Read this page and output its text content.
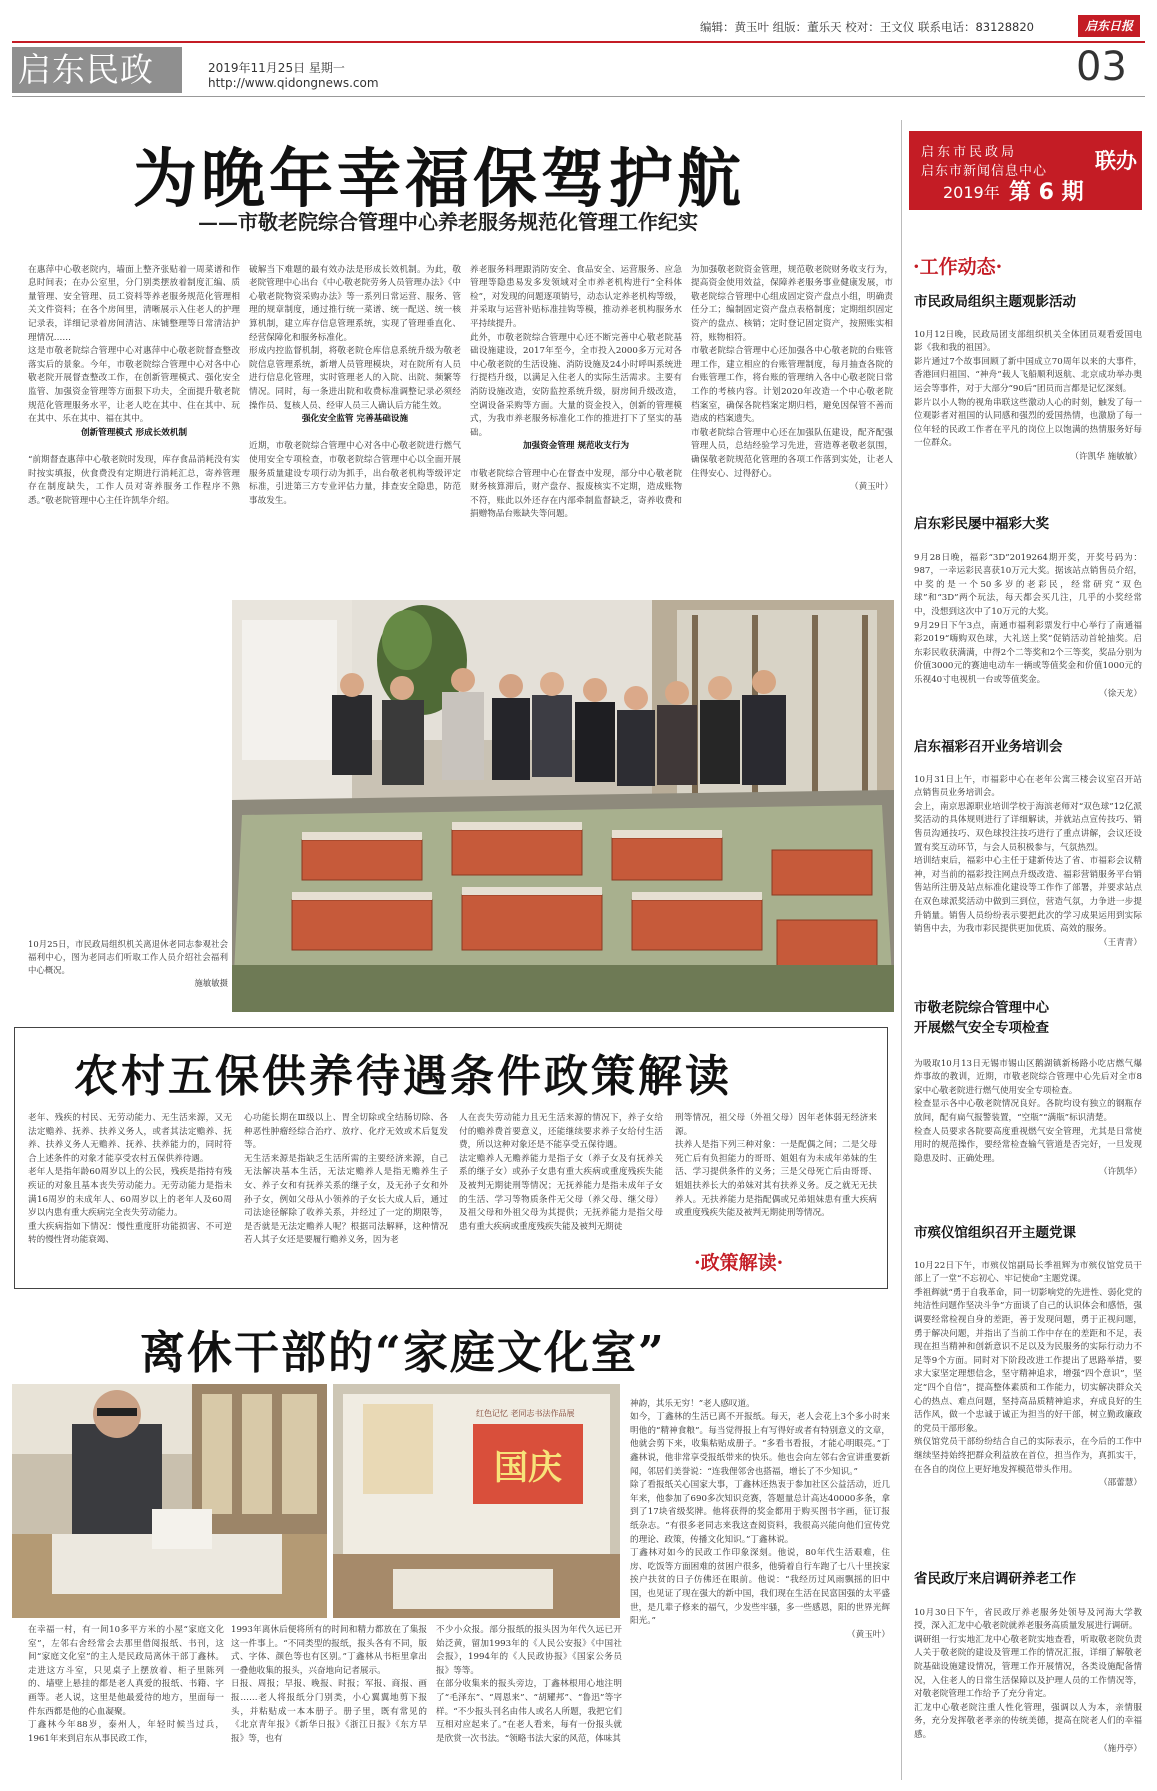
编辑：黄玉叶 组版：董乐天 校对：王文仪 联系电话：83128820	启东日报
启东民政	2019年11月25日 星期一
http://www.qidongnews.com	03
为晚年幸福保驾护航
——市敬老院综合管理中心养老服务规范化管理工作纪实

在惠萍中心敬老院内，墙面上整齐张贴着一周菜谱和作息时间表；在办公室里，分门别类摆放着制度汇编、质量管理、安全管理、员工资料等养老服务规范化管理相关文件资料；在各个房间里，清晰展示入住老人的护理记录表，详细记录着房间清洁、床铺整理等日常清洁护理情况……
这是市敬老院综合管理中心对惠萍中心敬老院督查整改落实后的景象。今年，市敬老院综合管理中心对各中心敬老院开展督查整改工作，在创新管理模式、强化安全监管、加强资金管理等方面狠下功夫，全面提升敬老院规范化管理服务水平，让老人吃在其中、住在其中、玩在其中、乐在其中、福在其中。

创新管理模式 形成长效机制

“前期督查惠萍中心敬老院时发现，库存食品消耗没有实时按实填报，伙食费没有定期进行消耗汇总，寄养管理存在制度缺失，工作人员对寄养服务工作程序不熟悉。”敬老院管理中心主任许凯华介绍。

破解当下难题的最有效办法是形成长效机制。为此，敬老院管理中心出台《中心敬老院劳务人员管理办法》《中心敬老院物资采购办法》等一系列日常运营、服务、管理的规章制度，通过推行统一菜谱、统一配送、统一核算机制，建立库存信息管理系统，实现了管理垂直化、经营保障化和服务标准化。
形成内控监督机制，将敬老院仓库信息系统升级为敬老院信息管理系统，新增人员管理模块，对在院所有人员进行信息化管理，实时管理老人的入院、出院、频繁等情况。同时，每一条进出院和收费标准调整记录必须经操作员、复核人员、经审人员三人确认后方能生效。

强化安全监管 完善基础设施

近期，市敬老院综合管理中心对各中心敬老院进行燃气使用安全专项检查，市敬老院综合管理中心以全面开展服务质量建设专项行动为抓手，出台敬老机构等级评定标准，引进第三方专业评估力量，排查安全隐患，防范事故发生。

养老服务料理跟消防安全、食品安全、运营服务、应急管理等隐患易发多发领域对全市养老机构进行“全科体检”，对发现的问题逐项销号，动态认定养老机构等级，并采取与运营补贴标准挂钩等模，推动养老机构服务水平持续提升。
此外，市敬老院综合管理中心还不断完善中心敬老院基础设施建设，2017年至今，全市投入2000多万元对各中心敬老院的生活设施、消防设施及24小时呼叫系统进行提档升级，以满足入住老人的实际生活需求。主要有消防设施改造，安防监控系统升级，厨房间升级改造，空调设备采购等方面。大量的资金投入，创新的管理模式，为我市养老服务标准化工作的推进打下了坚实的基础。

加强资金管理 规范收支行为

市敬老院综合管理中心在督查中发现，部分中心敬老院财务核算滞后，财产盘存、报废核实不定期，造成账物不符，账此以外还存在内部牵制监督缺乏，寄养收费和捐赠物品台账缺失等问题。

为加强敬老院资金管理，规范敬老院财务收支行为，提高资金使用效益，保障养老服务事业健康发展，市敬老院综合管理中心组成固定资产盘点小组，明确责任分工；编制固定资产盘点表格制度；定期组织固定资产的盘点、核销；定时登记固定资产，按照账实相符，账物相符。
市敬老院综合管理中心还加强各中心敬老院的台账管理工作，建立相应的台账管理制度，每月抽查各院的台账管理工作，将台账的管理纳入各中心敬老院日常工作的考核内容。计划2020年改造一个中心敬老院档案室，确保各院档案定期归档，避免因保管不善而造成的档案遗失。
市敬老院综合管理中心还在加强队伍建设，配齐配强管理人员，总结经验学习先进，营造尊老敬老氛围，确保敬老院规范化管理的各项工作落到实处，让老人住得安心、过得舒心。

（黄玉叶）

10月25日，市民政局组织机关离退休老同志参观社会福利中心，图为老同志们听取工作人员介绍社会福利中心概况。

施敏敏摄

启东市民政局
启东市新闻信息中心 联办
2019年 第 6 期
·工作动态·
市民政局组织主题观影活动

10月12日晚，民政局团支部组织机关全体团员观看爱国电影《我和我的祖国》。
影片通过7个故事回顾了新中国成立70周年以来的大事件，香港回归祖国、“神舟”载人飞船顺利返航、北京成功举办奥运会等事件，对于大部分“90后”团员而言都是记忆深刻。
影片以小人物的视角串联这些激动人心的时刻，触发了每一位观影者对祖国的认同感和强烈的爱国热情，也激励了每一位年轻的民政工作者在平凡的岗位上以饱满的热情服务好每一位群众。

（许凯华 施敏敏）

启东彩民屡中福彩大奖

9月28日晚，福彩“3D”2019264期开奖，开奖号码为：987，一幸运彩民喜获10万元大奖。据该站点销售员介绍，中奖的是一个50多岁的老彩民，经常研究“双色球”和“3D”两个玩法，每天都会买几注，几乎的小奖经常中，没想到这次中了10万元的大奖。
9月29日下午3点，南通市福利彩票发行中心举行了南通福彩2019“嗨购双色球，大礼送上奖”促销活动首轮抽奖。启东彩民收获满满，中得2个二等奖和2个三等奖，奖品分别为价值3000元的赛迪电动车一辆或等值奖金和价值1000元的乐视40寸电视机一台或等值奖金。

（徐天龙）

启东福彩召开业务培训会

10月31日上午，市福彩中心在老年公寓三楼会议室召开站点销售员业务培训会。
会上，南京思源职业培训学校于海滨老师对“双色球”12亿派奖活动的具体规则进行了详细解读，并就站点宣传技巧、销售员沟通技巧、双色球投注技巧进行了重点讲解，会议还设置有奖互动环节，与会人员积极参与，气氛热烈。
培训结束后，福彩中心主任于建新传达了省、市福彩会议精神，对当前的福彩投注网点升级改造、福彩营销服务平台销售站所注册及站点标准化建设等工作作了部署，并要求站点在双色球派奖活动中做到三到位，营造气氛，力争进一步提升销量。销售人员纷纷表示要把此次的学习成果运用到实际销售中去，为我市彩民提供更加优质、高效的服务。

（王青青）

市敬老院综合管理中心
开展燃气安全专项检查

为吸取10月13日无锡市锡山区鹅湖镇新杨路小吃店燃气爆炸事故的教训，近期，市敬老院综合管理中心先后对全市8家中心敬老院进行燃气使用安全专项检查。
检查显示各中心敬老院情况良好。各院均设有独立的钢瓶存放间，配有扁气报警装置，“空瓶”“满瓶”标识清楚。
检查人员要求各院要高度重视燃气安全管理，尤其是日常使用时的规范操作，要经常检查输气管道是否完好，一旦发现隐患及时、正确处理。

（许凯华）

市殡仪馆组织召开主题党课

10月22日下午，市殡仪馆副局长季祖辉为市殡仪馆党员干部上了一堂“不忘初心、牢记使命”主题党课。
季祖辉就“勇于自我革命，同一切影响党的先进性、弱化党的纯洁性问题作坚决斗争”方面谈了自己的认识体会和感悟，强调要经常检视自身的差距，善于发现问题，勇于正视问题，勇于解决问题，并指出了当前工作中存在的差距和不足，表现在担当精神和创新意识不足以及为民服务的实际行动力不足等9个方面。同时对下阶段改进工作提出了思路举措，要求大家坚定理想信念，坚守精神追求，增强“四个意识”，坚定“四个自信”，提高整体素质和工作能力，切实解决群众关心的热点、难点问题，坚持高品质精神追求，弃成良好的生活作风，做一个忠诚于诚正为担当的好干部，树立勤政廉政的党员干部形象。
殡仪馆党员干部纷纷结合自己的实际表示，在今后的工作中继续坚持始终把群众利益放在首位，担当作为，真抓实干，在各自的岗位上更好地发挥模范带头作用。

（邵蕾慧）

省民政厅来启调研养老工作

10月30日下午，省民政厅养老服务处领导及河海大学教授，深入汇龙中心敬老院就养老服务高质量发展进行调研。
调研组一行实地汇龙中心敬老院实地查看，听取敬老院负责人关于敬老院的建设及管理工作的情况汇报，详细了解敬老院基础设施建设情况，管理工作开展情况，各类设施配备情况，入住老人的日常生活保障以及护理人员的工作情况等，对敬老院管理工作给予了充分肯定。
汇龙中心敬老院注重人性化管理，强调以人为本，亲情服务，充分发挥敬老孝亲的传统美德，提高在院老人们的幸福感。

（施丹亭）

农村五保供养待遇条件政策解读
老年、残疾的村民、无劳动能力、无生活来源，又无法定赡养、抚养、扶养义务人，或者其法定赡养、抚养、扶养义务人无赡养、抚养、扶养能力的，同时符合上述条件的对象才能享受农村五保供养待遇。
老年人是指年龄60周岁以上的公民，残疾是指持有残疾证的对象且基本丧失劳动能力。无劳动能力是指未满16周岁的未成年人、60周岁以上的老年人及60周岁以内患有重大疾病完全丧失劳动能力。
重大疾病指如下情况：慢性重度肝功能损害、不可逆转的慢性肾功能衰竭、
心功能长期在Ⅲ级以上、胃全切除或全结肠切除、各种恶性肿瘤经综合治疗、放疗、化疗无效或术后复发等。
无生活来源是指缺乏生活所需的主要经济来源，自己无法解决基本生活，无法定赡养人是指无赡养生子女、养子女和有抚养关系的继子女，及无孙子女和外孙子女，例如父母从小领养的子女长大成人后，通过司法途径解除了收养关系，并经过了一定的期限等，是否就是无法定赡养人呢？根据司法解释，这种情况若人其子女还是要履行赡养义务，因为老
人在丧失劳动能力且无生活来源的情况下，养子女给付的赡养费首要意义，还能继续要求养子女给付生活费，所以这种对象还是不能享受五保待遇。
法定赡养人无赡养能力是指子女（养子女及有抚养关系的继子女）或孙子女患有重大疾病或重度残疾失能及被判无期徒刑等情况；无抚养能力是指未成年子女的生活、学习等物质条件无父母（养父母、继父母）及祖父母和外祖父母为其提供；无抚养能力是指父母患有重大疾病或重度残疾失能及被判无期徒
刑等情况，祖父母（外祖父母）因年老体弱无经济来源。
扶养人是指下列三种对象：一是配偶之间；二是父母死亡后有负担能力的哥哥、姐姐有为未成年弟妹的生活、学习提供条件的义务；三是父母死亡后由哥哥、姐姐扶养长大的弟妹对其有扶养义务。反之就无无扶养人。无扶养能力是指配偶或兄弟姐妹患有重大疾病或重度残疾失能及被判无期徒刑等情况。
·政策解读·
离休干部的“家庭文化室”
国庆
红色记忆 老同志书法作品展
在幸福一村，有一间10多平方米的小屋“家庭文化室”，左邻右舍经常会去那里借阅报纸、书刊，这间“家庭文化室”的主人是民政局离休干部丁鑫林。走进这方斗室，只见桌子上摆放着、柜子里陈列的、墙壁上悬挂的都是老人真爱的报纸、书籍、字画等。老人说，这里是他最爱待的地方，里面每一件东西都是他的心血凝聚。
丁鑫林今年88岁，泰州人，年轻时候当过兵，1961年来到启东从事民政工作，
1993年离休后便将所有的时间和精力都放在了集报这一件事上。“不同类型的报纸，报头各有不同，版式、字体、颜色等也有区别。”丁鑫林从书柜里拿出一叠他收集的报头，兴奋地向记者展示。
日报、周报；早报、晚报、时报；军报、商报、画报……老人将报纸分门别类，小心翼翼地剪下报头，并粘贴成一本本册子。册子里，既有常见的《北京青年报》《新华日报》《浙江日报》《东方早报》等，也有
不少小众报。部分报纸的报头因为年代久远已开始泛黄，留加1993年的《人民公安报》《中国社会报》，1994年的《人民政协报》《国家公务员报》等等。
在部分收集来的报头旁边，丁鑫林根用心地注明了“毛泽东”、“周恩来”、“胡耀邦”、“鲁迅”等字样。“不少报头刊名由伟人或名人所题，我把它们互相对应起来了。”在老人看来，每有一份报头就是欣赏一次书法。“领略书法大家的风范，体味其

神韵，其乐无穷！”老人感叹道。
如今，丁鑫林的生活已离不开报纸。每天，老人会花上3个多小时来明他的“精神食粮”。每当觉得报上有写得好或者有特别意义的文章，他就会剪下来，收集粘贴成册子。“多看书看报，才能心明眼亮。”丁鑫林说，他非常享受报纸带来的快乐。他也会向左邻右舍宣讲重要新闻，邻居们美誉说：“连我俚邻舍也搭福，增长了不少知识。”
除了看报纸关心国家大事，丁鑫林还热衷于参加社区公益活动，近几年来，他参加了690多次知识竞赛，答题量总计高达40000多条，拿到了17块省级奖牌。他将获得的奖金都用于购买图书字画，征订报纸杂志。“有很多老同志来我这查阅资料，我很高兴能向他们宣传党的理论、政策，传播文化知识。”丁鑫林说。
丁鑫林对如今的民政工作印象深刻。他说，80年代生活艰难，住房、吃饭等方面困难的贫困户很多，他骑着自行车跑了七八十里挨家挨户扶贫的日子仿佛还在眼前。他说：“我经历过风雨飘摇的旧中国，也见证了现在强大的新中国，我们现在生活在民富国强的太平盛世，是几辈子修来的福气，少发些牢骚，多一些感恩，阳的世界光辉阳光。”

（黄玉叶）
